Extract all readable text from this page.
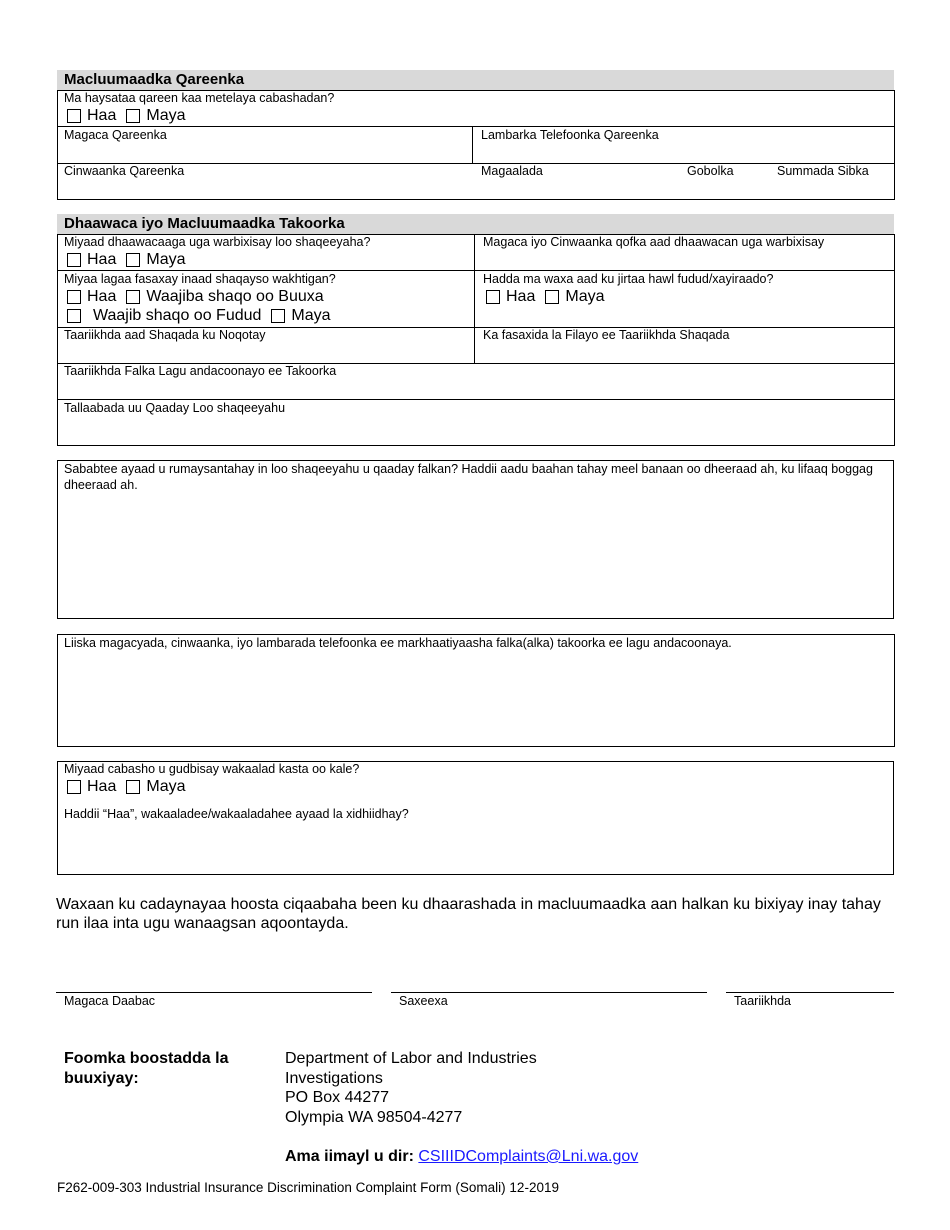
Macluumaadka Qareenka
Ma haysataa qareen kaa metelaya cabashadan?
Haa Maya
Magaca Qareenka	Lambarka Telefoonka Qareenka
Cinwaanka Qareenka	Magaalada	Gobolka	Summada Sibka
Dhaawaca iyo Macluumaadka Takoorka
Miyaad dhaawacaaga uga warbixisay loo shaqeeyaha?
Haa Maya
Magaca iyo Cinwaanka qofka aad dhaawacan uga warbixisay
Miyaa lagaa fasaxay inaad shaqayso wakhtigan?
Haa Waajiba shaqo oo Buuxa
Waajib shaqo oo Fudud Maya
Hadda ma waxa aad ku jirtaa hawl fudud/xayiraado?
Haa Maya
Taariikhda aad Shaqada ku Noqotay	Ka fasaxida la Filayo ee Taariikhda Shaqada
Taariikhda Falka Lagu andacoonayo ee Takoorka
Tallaabada uu Qaaday Loo shaqeeyahu
Sababtee ayaad u rumaysantahay in loo shaqeeyahu u qaaday falkan? Haddii aadu baahan tahay meel banaan oo dheeraad ah, ku lifaaq boggag dheeraad ah.
Liiska magacyada, cinwaanka, iyo lambarada telefoonka ee markhaatiyaasha falka(alka) takoorka ee lagu andacoonaya.
Miyaad cabasho u gudbisay wakaalad kasta oo kale?
Haa Maya
Haddii “Haa”, wakaaladee/wakaaladahee ayaad la xidhiidhay?
Waxaan ku cadaynayaa hoosta ciqaabaha been ku dhaarashada in macluumaadka aan halkan ku bixiyay inay tahay run ilaa inta ugu wanaagsan aqoontayda.
Magaca Daabac	Saxeexa	Taariikhda
Foomka boostadda la
buuxiyay:
Department of Labor and Industries
Investigations
PO Box 44277
Olympia WA 98504-4277
Ama iimayl u dir: CSIIIDComplaints@Lni.wa.gov
F262-009-303 Industrial Insurance Discrimination Complaint Form (Somali) 12-2019
